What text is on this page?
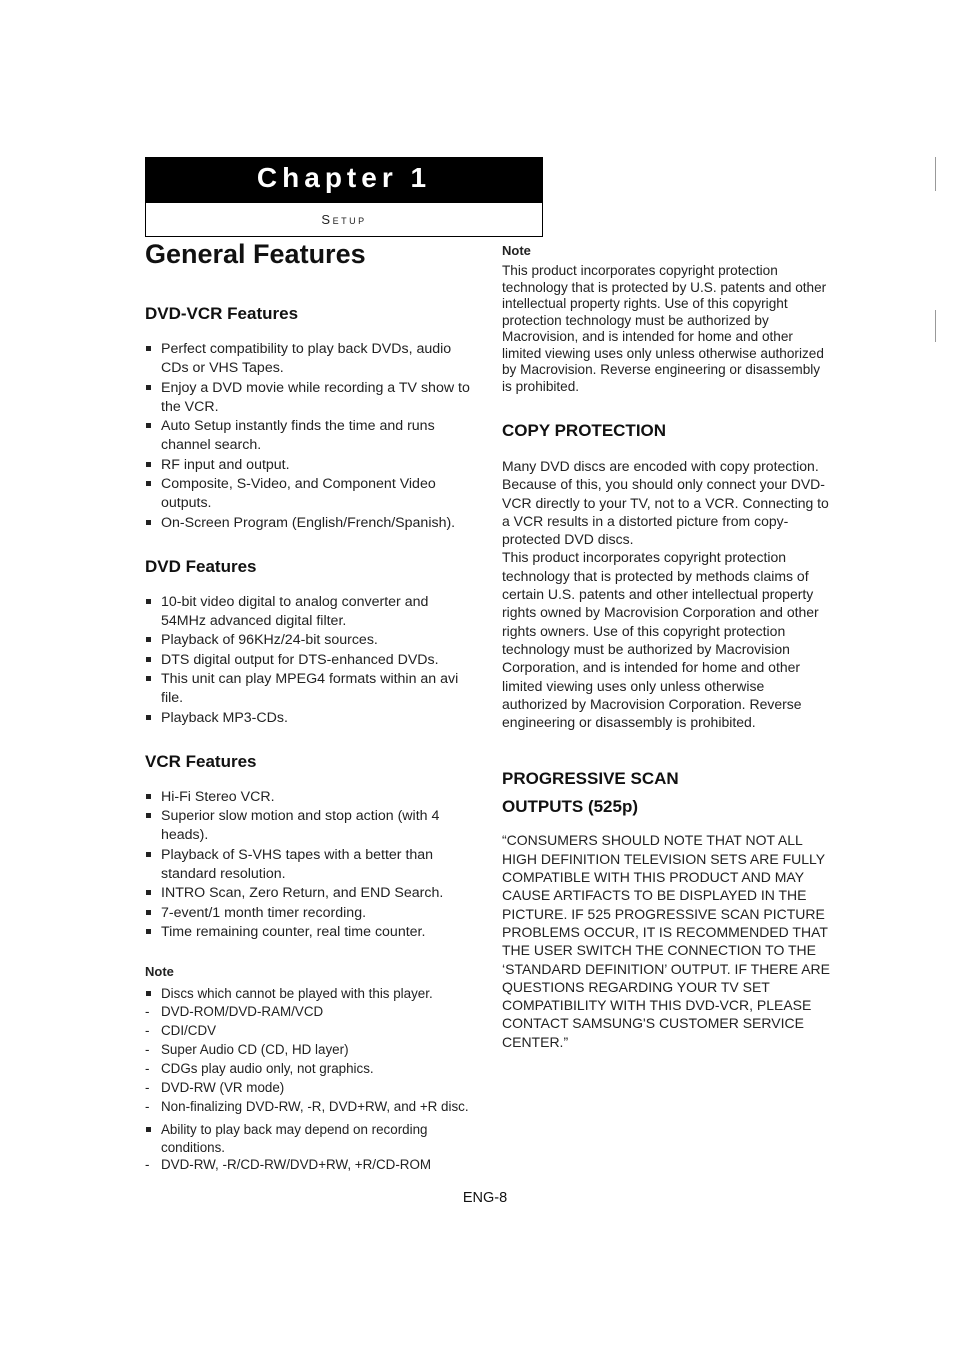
Chapter 1
Setup
General Features
DVD-VCR Features
Perfect compatibility to play back DVDs, audio CDs or VHS Tapes.
Enjoy a DVD movie while recording a TV show to the VCR.
Auto Setup instantly finds the time and runs channel search.
RF input and output.
Composite, S-Video, and Component Video outputs.
On-Screen Program (English/French/Spanish).
DVD Features
10-bit video digital to analog converter and 54MHz advanced digital filter.
Playback of 96KHz/24-bit sources.
DTS digital output for DTS-enhanced DVDs.
This unit can play MPEG4 formats within an avi file.
Playback MP3-CDs.
VCR Features
Hi-Fi Stereo VCR.
Superior slow motion and stop action (with 4 heads).
Playback of S-VHS tapes with a better than standard resolution.
INTRO Scan, Zero Return, and END Search.
7-event/1 month timer recording.
Time remaining counter, real time counter.
Note
Discs which cannot be played with this player.
- DVD-ROM/DVD-RAM/VCD
- CDI/CDV
- Super Audio CD (CD, HD layer)
- CDGs play audio only, not graphics.
- DVD-RW (VR mode)
- Non-finalizing DVD-RW, -R, DVD+RW, and +R disc.
Ability to play back may depend on recording conditions.
- DVD-RW, -R/CD-RW/DVD+RW, +R/CD-ROM
Note

This product incorporates copyright protection technology that is protected by U.S. patents and other intellectual property rights. Use of this copyright protection technology must be authorized by Macrovision, and is intended for home and other limited viewing uses only unless otherwise authorized by Macrovision. Reverse engineering or disassembly is prohibited.

COPY PROTECTION

Many DVD discs are encoded with copy protection. Because of this, you should only connect your DVD-VCR directly to your TV, not to a VCR. Connecting to a VCR results in a distorted picture from copy-protected DVD discs.

This product incorporates copyright protection technology that is protected by methods claims of certain U.S. patents and other intellectual property rights owned by Macrovision Corporation and other rights owners. Use of this copyright protection technology must be authorized by Macrovision Corporation, and is intended for home and other limited viewing uses only unless otherwise authorized by Macrovision Corporation. Reverse engineering or disassembly is prohibited.

PROGRESSIVE SCAN
OUTPUTS (525p)

“CONSUMERS SHOULD NOTE THAT NOT ALL HIGH DEFINITION TELEVISION SETS ARE FULLY COMPATIBLE WITH THIS PRODUCT AND MAY CAUSE ARTIFACTS TO BE DISPLAYED IN THE PICTURE. IF 525 PROGRESSIVE SCAN PICTURE PROBLEMS OCCUR, IT IS RECOMMENDED THAT THE USER SWITCH THE CONNECTION TO THE ‘STANDARD DEFINITION’ OUTPUT. IF THERE ARE QUESTIONS REGARDING YOUR TV SET COMPATIBILITY WITH THIS DVD-VCR, PLEASE CONTACT SAMSUNG'S CUSTOMER SERVICE CENTER.”

ENG-8
